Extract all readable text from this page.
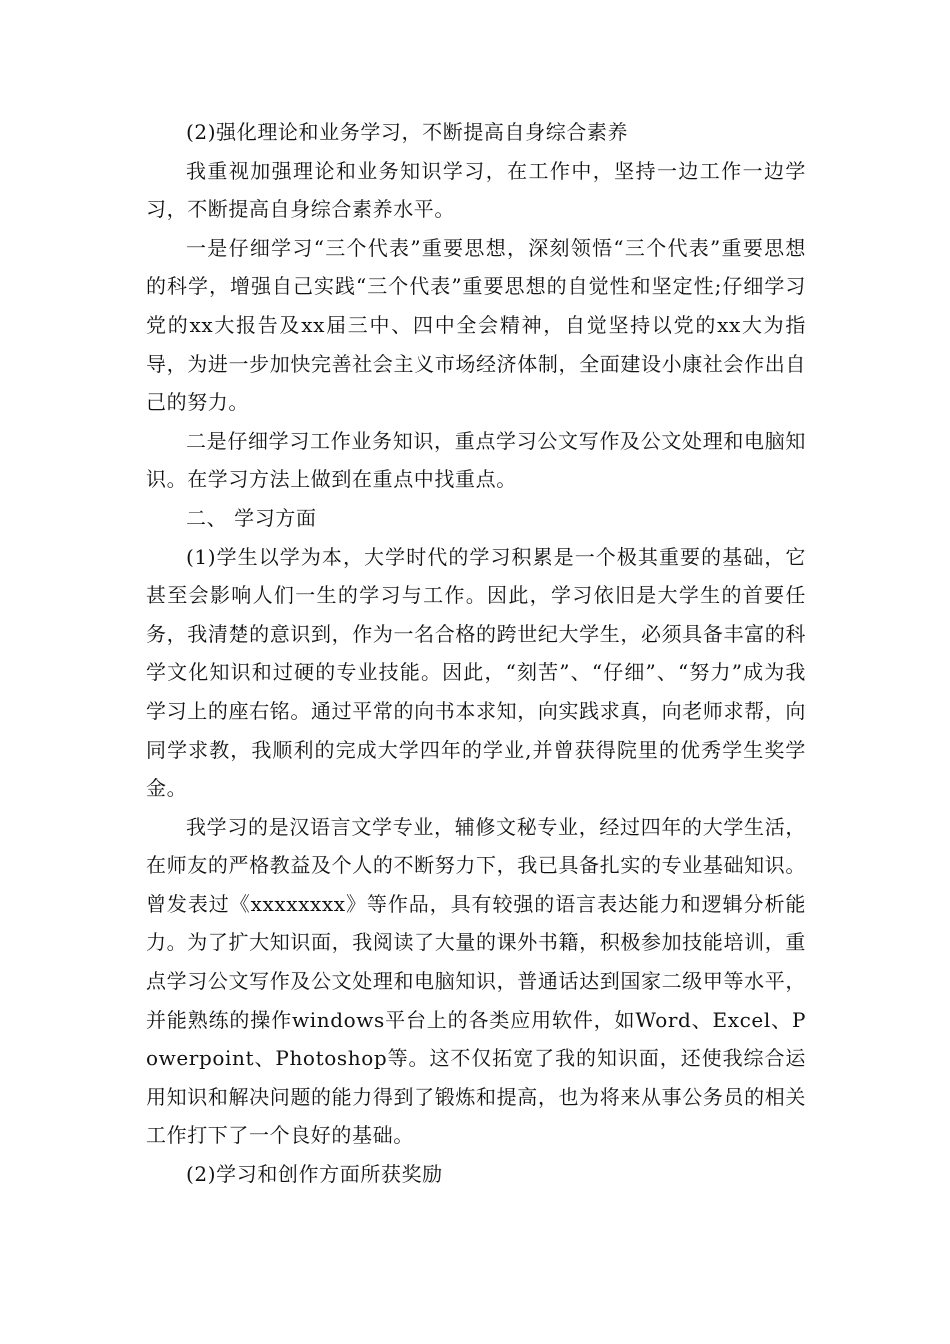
(2)强化理论和业务学习，不断提高自身综合素养

我重视加强理论和业务知识学习，在工作中，坚持一边工作一边学习，不断提高自身综合素养水平。

一是仔细学习“三个代表”重要思想，深刻领悟“三个代表”重要思想的科学，增强自己实践“三个代表”重要思想的自觉性和坚定性;仔细学习党的xx大报告及xx届三中、四中全会精神，自觉坚持以党的xx大为指导，为进一步加快完善社会主义市场经济体制，全面建设小康社会作出自己的努力。

二是仔细学习工作业务知识，重点学习公文写作及公文处理和电脑知识。在学习方法上做到在重点中找重点。

二、 学习方面

(1)学生以学为本，大学时代的学习积累是一个极其重要的基础，它甚至会影响人们一生的学习与工作。因此，学习依旧是大学生的首要任务，我清楚的意识到，作为一名合格的跨世纪大学生，必须具备丰富的科学文化知识和过硬的专业技能。因此，“刻苦”、“仔细”、“努力”成为我学习上的座右铭。通过平常的向书本求知，向实践求真，向老师求帮，向同学求教，我顺利的完成大学四年的学业,并曾获得院里的优秀学生奖学金。

我学习的是汉语言文学专业，辅修文秘专业，经过四年的大学生活，在师友的严格教益及个人的不断努力下，我已具备扎实的专业基础知识。曾发表过《xxxxxxxx》等作品，具有较强的语言表达能力和逻辑分析能力。为了扩大知识面，我阅读了大量的课外书籍，积极参加技能培训，重点学习公文写作及公文处理和电脑知识，普通话达到国家二级甲等水平，并能熟练的操作windows平台上的各类应用软件，如Word、Excel、Powerpoint、Photoshop等。这不仅拓宽了我的知识面，还使我综合运用知识和解决问题的能力得到了锻炼和提高，也为将来从事公务员的相关工作打下了一个良好的基础。

(2)学习和创作方面所获奖励
